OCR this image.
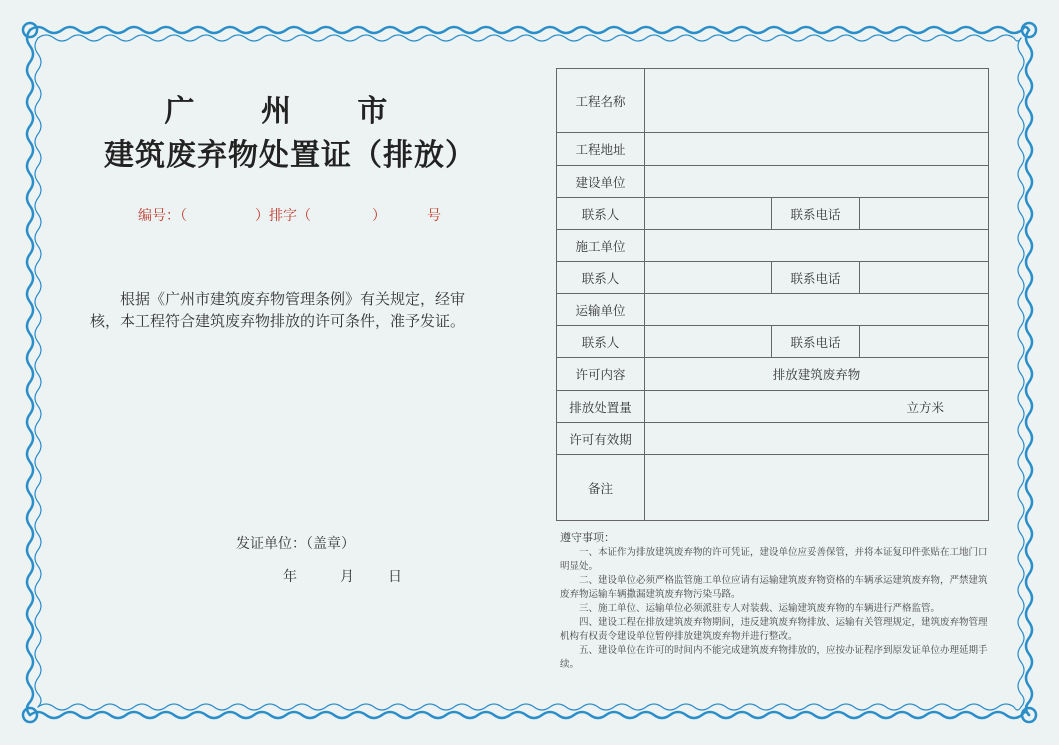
广 州 市
建筑废弃物处置证（排放）
编号：（	）排字（	）	号
根据《广州市建筑废弃物管理条例》有关规定，经审核，本工程符合建筑废弃物排放的许可条件，准予发证。
发证单位：（盖章）
年	月 日
工程名称			
工程地址			
建设单位			
联系人		联系电话	
施工单位			
联系人		联系电话	
运输单位			
联系人		联系电话	
许可内容	排放建筑废弃物		
排放处置量	立方米		
许可有效期			
备注			
遵守事项：

一、本证作为排放建筑废弃物的许可凭证，建设单位应妥善保管，并将本证复印件张贴在工地门口明显处。

二、建设单位必须严格监管施工单位应请有运输建筑废弃物资格的车辆承运建筑废弃物，严禁建筑废弃物运输车辆撒漏建筑废弃物污染马路。

三、施工单位、运输单位必须派驻专人对装载、运输建筑废弃物的车辆进行严格监管。

四、建设工程在排放建筑废弃物期间，违反建筑废弃物排放、运输有关管理规定，建筑废弃物管理机构有权责令建设单位暂停排放建筑废弃物并进行整改。

五、建设单位在许可的时间内不能完成建筑废弃物排放的，应按办证程序到原发证单位办理延期手续。
